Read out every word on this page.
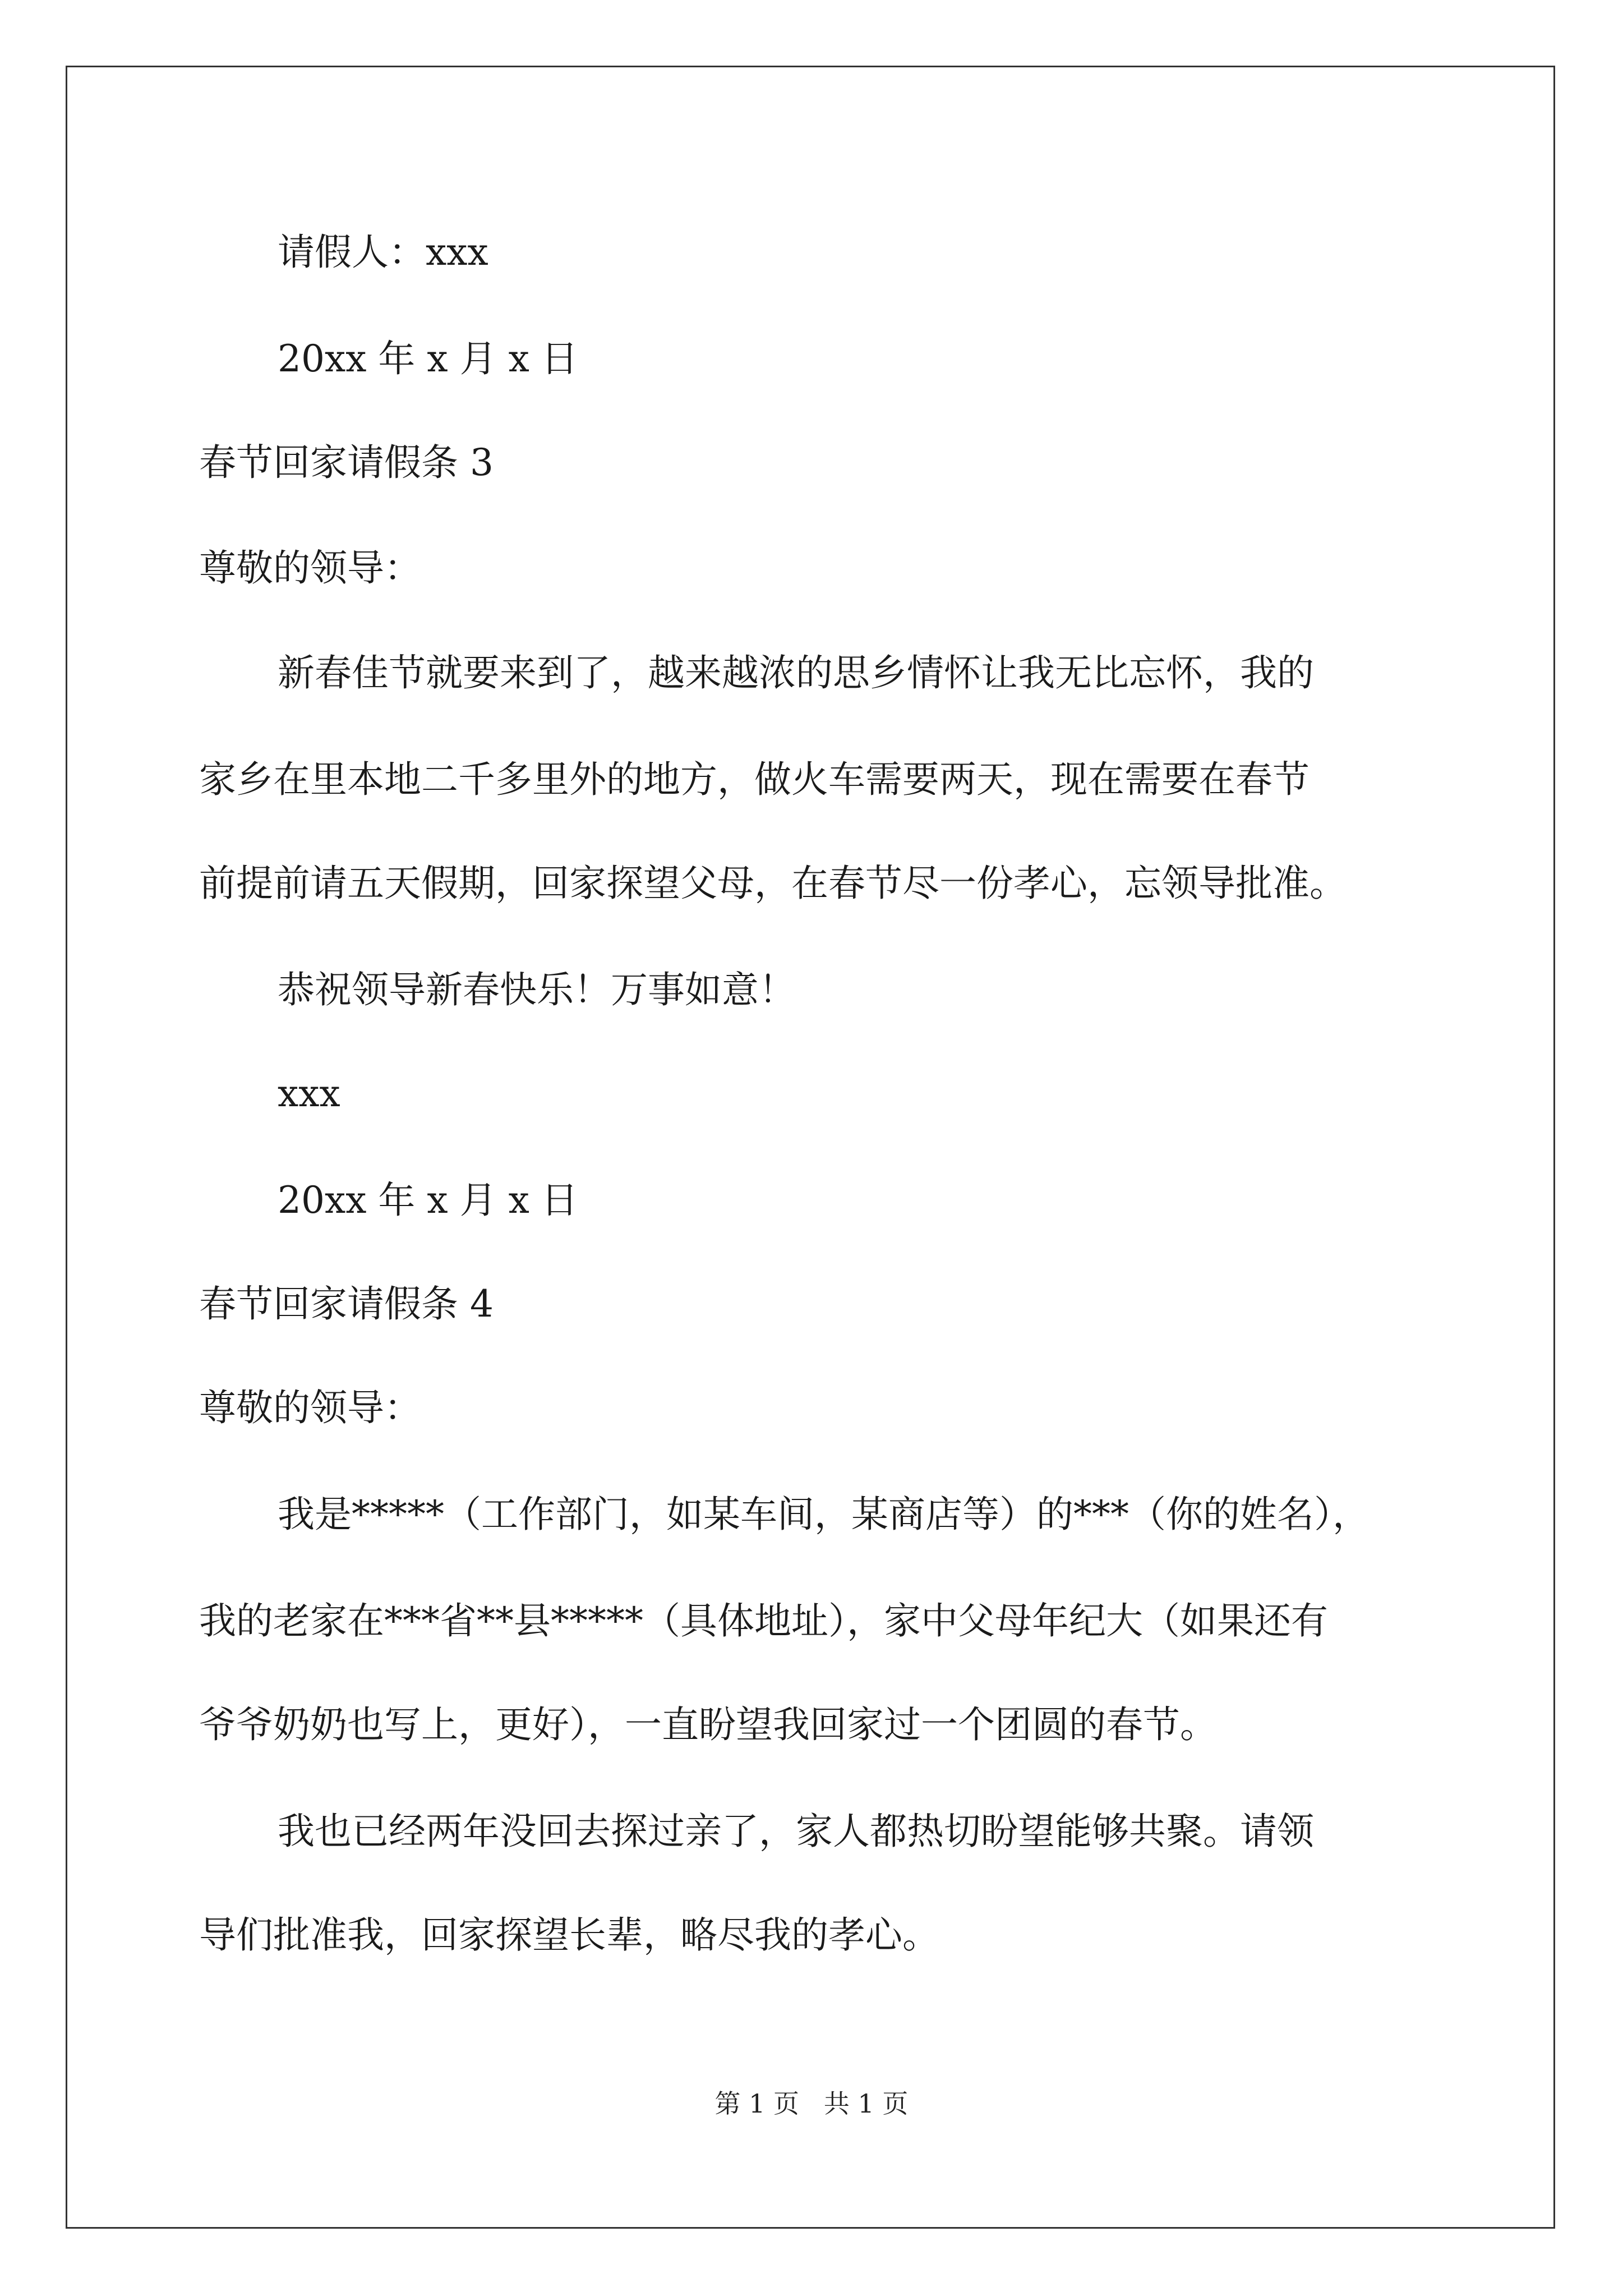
请假人：xxx
20xx 年 x 月 x 日
春节回家请假条 3
尊敬的领导：
新春佳节就要来到了，越来越浓的思乡情怀让我无比忘怀，我的
家乡在里本地二千多里外的地方，做火车需要两天，现在需要在春节
前提前请五天假期，回家探望父母，在春节尽一份孝心，忘领导批准。
恭祝领导新春快乐！万事如意！
xxx
20xx 年 x 月 x 日
春节回家请假条 4
尊敬的领导：
我是*****（工作部门，如某车间，某商店等）的***（你的姓名），
我的老家在***省**县*****（具体地址），家中父母年纪大（如果还有
爷爷奶奶也写上，更好），一直盼望我回家过一个团圆的春节。
我也已经两年没回去探过亲了，家人都热切盼望能够共聚。请领
导们批准我，回家探望长辈，略尽我的孝心。
第 1 页   共 1 页
